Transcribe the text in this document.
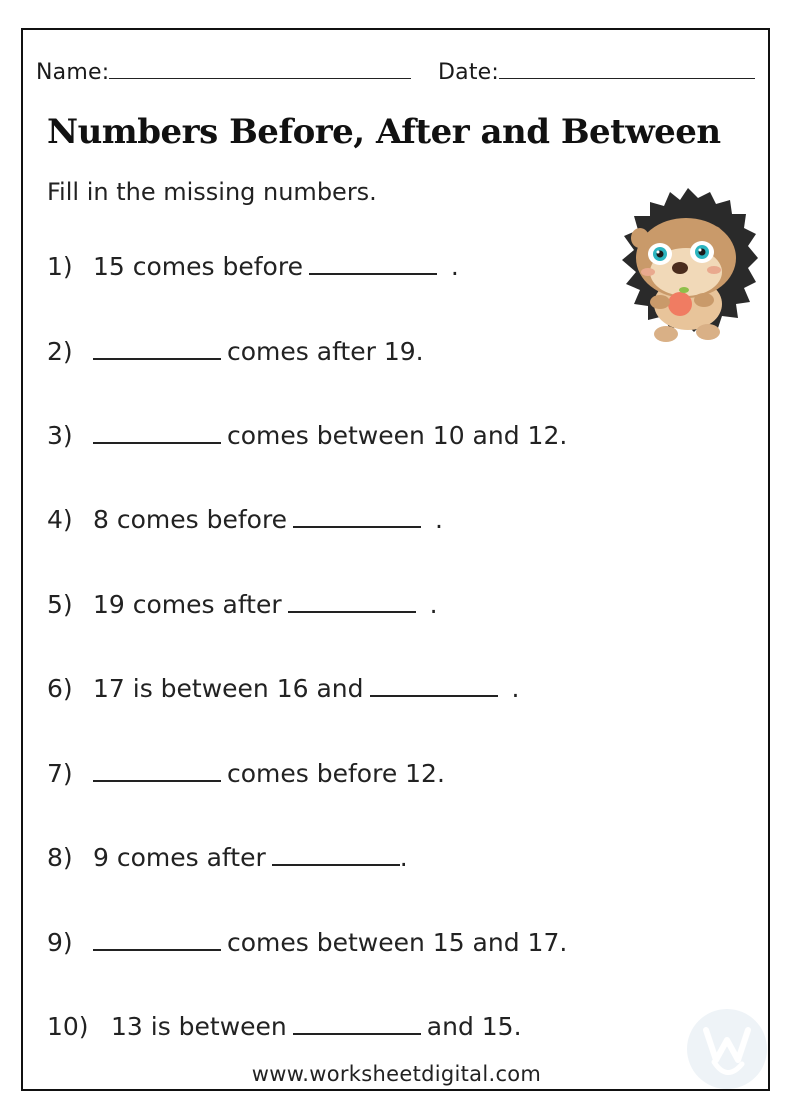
Name:	Date:
Numbers Before, After and Between
Fill in the missing numbers.
1) 15 comes before	.
2)	comes after 19.
3)	comes between 10 and 12.
4) 8 comes before	.
5) 19 comes after	.
6) 17 is between 16 and	.
7)	comes before 12.
8) 9 comes after	.
9)	comes between 15 and 17.
10) 13 is between	and 15.
www.worksheetdigital.com
